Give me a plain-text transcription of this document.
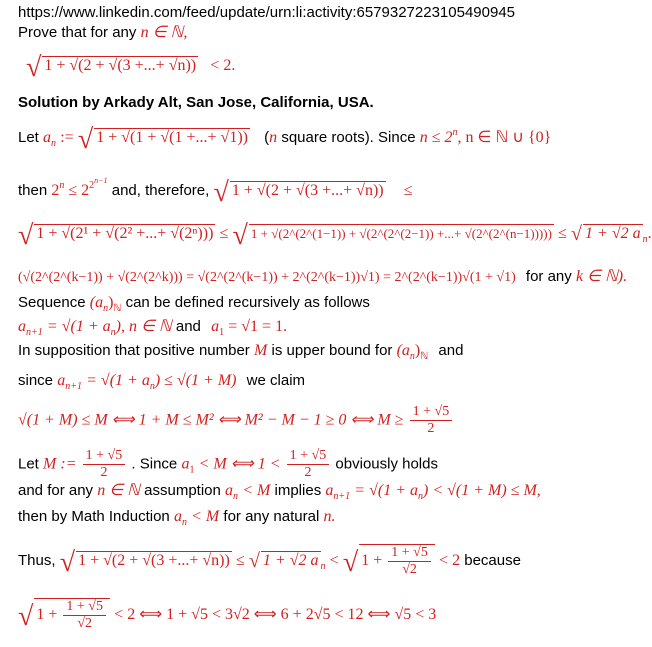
https://www.linkedin.com/feed/update/urn:li:activity:6579327223105490945
Prove that for any n ∈ ℕ,
√ 1 + √(2 + √(3 +...+ √n)) < 2.
Solution by Arkady Alt, San Jose, California, USA.
Let $a_n$ := √ 1 + √(1 + √(1 +...+ √1)) (n square roots). Since $n \le 2^n$, n ∈ ℕ ∪ {0}
then $2^n \le 2^{2n-1}$ and, therefore, √ 1 + √(2 + √(3 +...+ √n)) ≤
√ 1 + √(2¹ + √(2² +...+ √(2ⁿ))) ≤ √ 1 + √(2^(2^(1−1)) + √(2^(2^(2−1)) +...+ √(2^(2^(n−1))))) ≤ √ 1 + √2 a $_n$.
(√(2^(2^(k−1)) + √(2^(2^k))) = √(2^(2^(k−1)) + 2^(2^(k−1))√1) = 2^(2^(k−1))√(1 + √1) for any k ∈ ℕ).
Sequence $(a_n)_ℕ$ can be defined recursively as follows
$a_{n+1} = √(1 + a_n)$, n ∈ ℕ and $a_1 = √1 = 1$.
In supposition that positive number M is upper bound for $(a_n)_ℕ$ and
since $a_{n+1} = √(1 + a_n) \le √(1 + M)$ we claim
√(1 + M) ≤ M ⟺ 1 + M ≤ M² ⟺ M² − M − 1 ≥ 0 ⟺ $M \ge \frac{1 + √5}{2}$
Let M := $\frac{1 + √5}{2}$ . Since $a_1 < M$ ⟺ $1 < \frac{1 + √5}{2}$ obviously holds
and for any n ∈ ℕ assumption $a_n < M$ implies $a_{n+1} = √(1 + a_n) < √(1 + M) \le M$,
then by Math Induction $a_n < M$ for any natural n.
Thus, √ 1 + √(2 + √(3 +...+ √n)) ≤ √ 1 + √2 a $_n$ < √ $1 + \frac{1 + √5}{√2} < 2$ because
√ $1 + \frac{1 + √5}{√2} < 2$ ⟺ 1 + √5 < 3√2 ⟺ 6 + 2√5 < 12 ⟺ √5 < 3
